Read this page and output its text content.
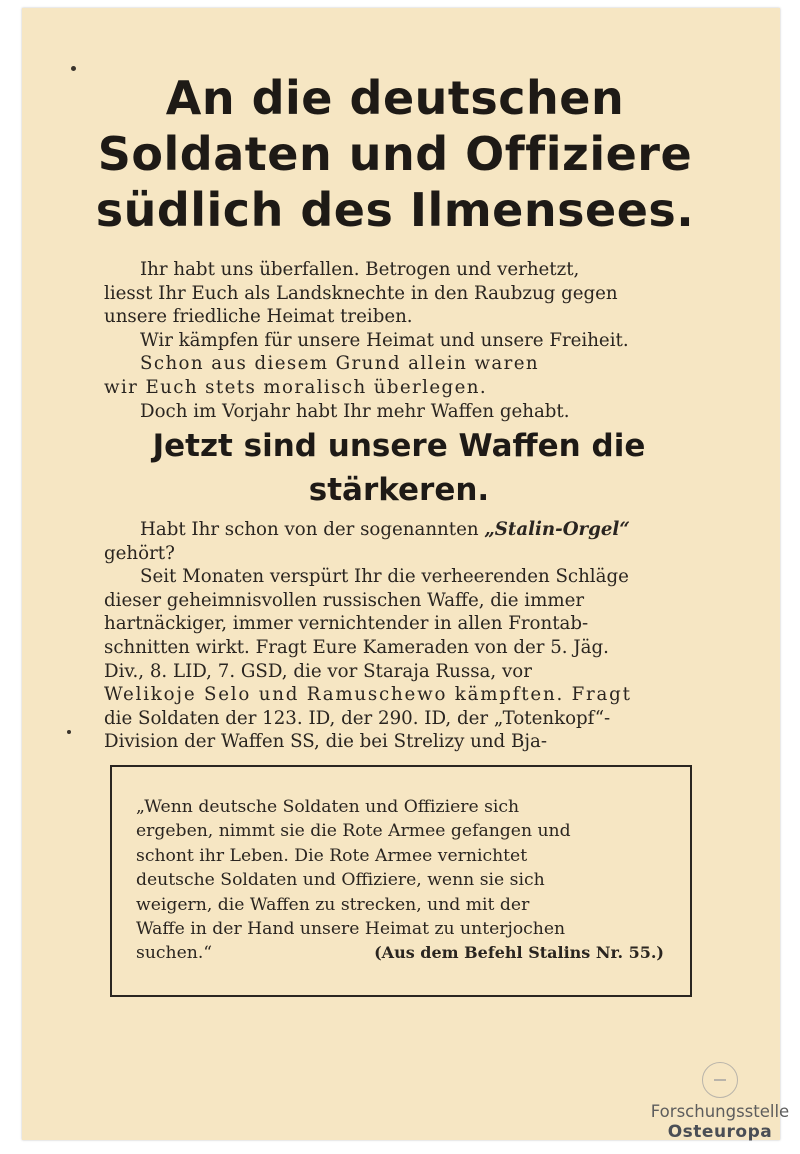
An die deutschen
Soldaten und Offiziere
südlich des Ilmensees.

Ihr habt uns überfallen. Betrogen und verhetzt,
liesst Ihr Euch als Landsknechte in den Raubzug gegen
unsere friedliche Heimat treiben.
Wir kämpfen für unsere Heimat und unsere Freiheit.
Schon aus diesem Grund allein waren
wir Euch stets moralisch überlegen.
Doch im Vorjahr habt Ihr mehr Waffen gehabt.

Jetzt sind unsere Waffen die
stärkeren.

Habt Ihr schon von der sogenannten „Stalin-Orgel“
gehört?
Seit Monaten verspürt Ihr die verheerenden Schläge
dieser geheimnisvollen russischen Waffe, die immer
hartnäckiger, immer vernichtender in allen Frontab-
schnitten wirkt. Fragt Eure Kameraden von der 5. Jäg.
Div., 8. LID, 7. GSD, die vor Staraja Russa, vor
Welikoje Selo und Ramuschewo kämpften. Fragt
die Soldaten der 123. ID, der 290. ID, der „Totenkopf“-
Division der Waffen SS, die bei Strelizy und Bja-

„Wenn deutsche Soldaten und Offiziere sich
ergeben, nimmt sie die Rote Armee gefangen und
schont ihr Leben. Die Rote Armee vernichtet
deutsche Soldaten und Offiziere, wenn sie sich
weigern, die Waffen zu strecken, und mit der
Waffe in der Hand unsere Heimat zu unterjochen
suchen.“	(Aus dem Befehl Stalins Nr. 55.)

Forschungsstelle
Osteuropa
